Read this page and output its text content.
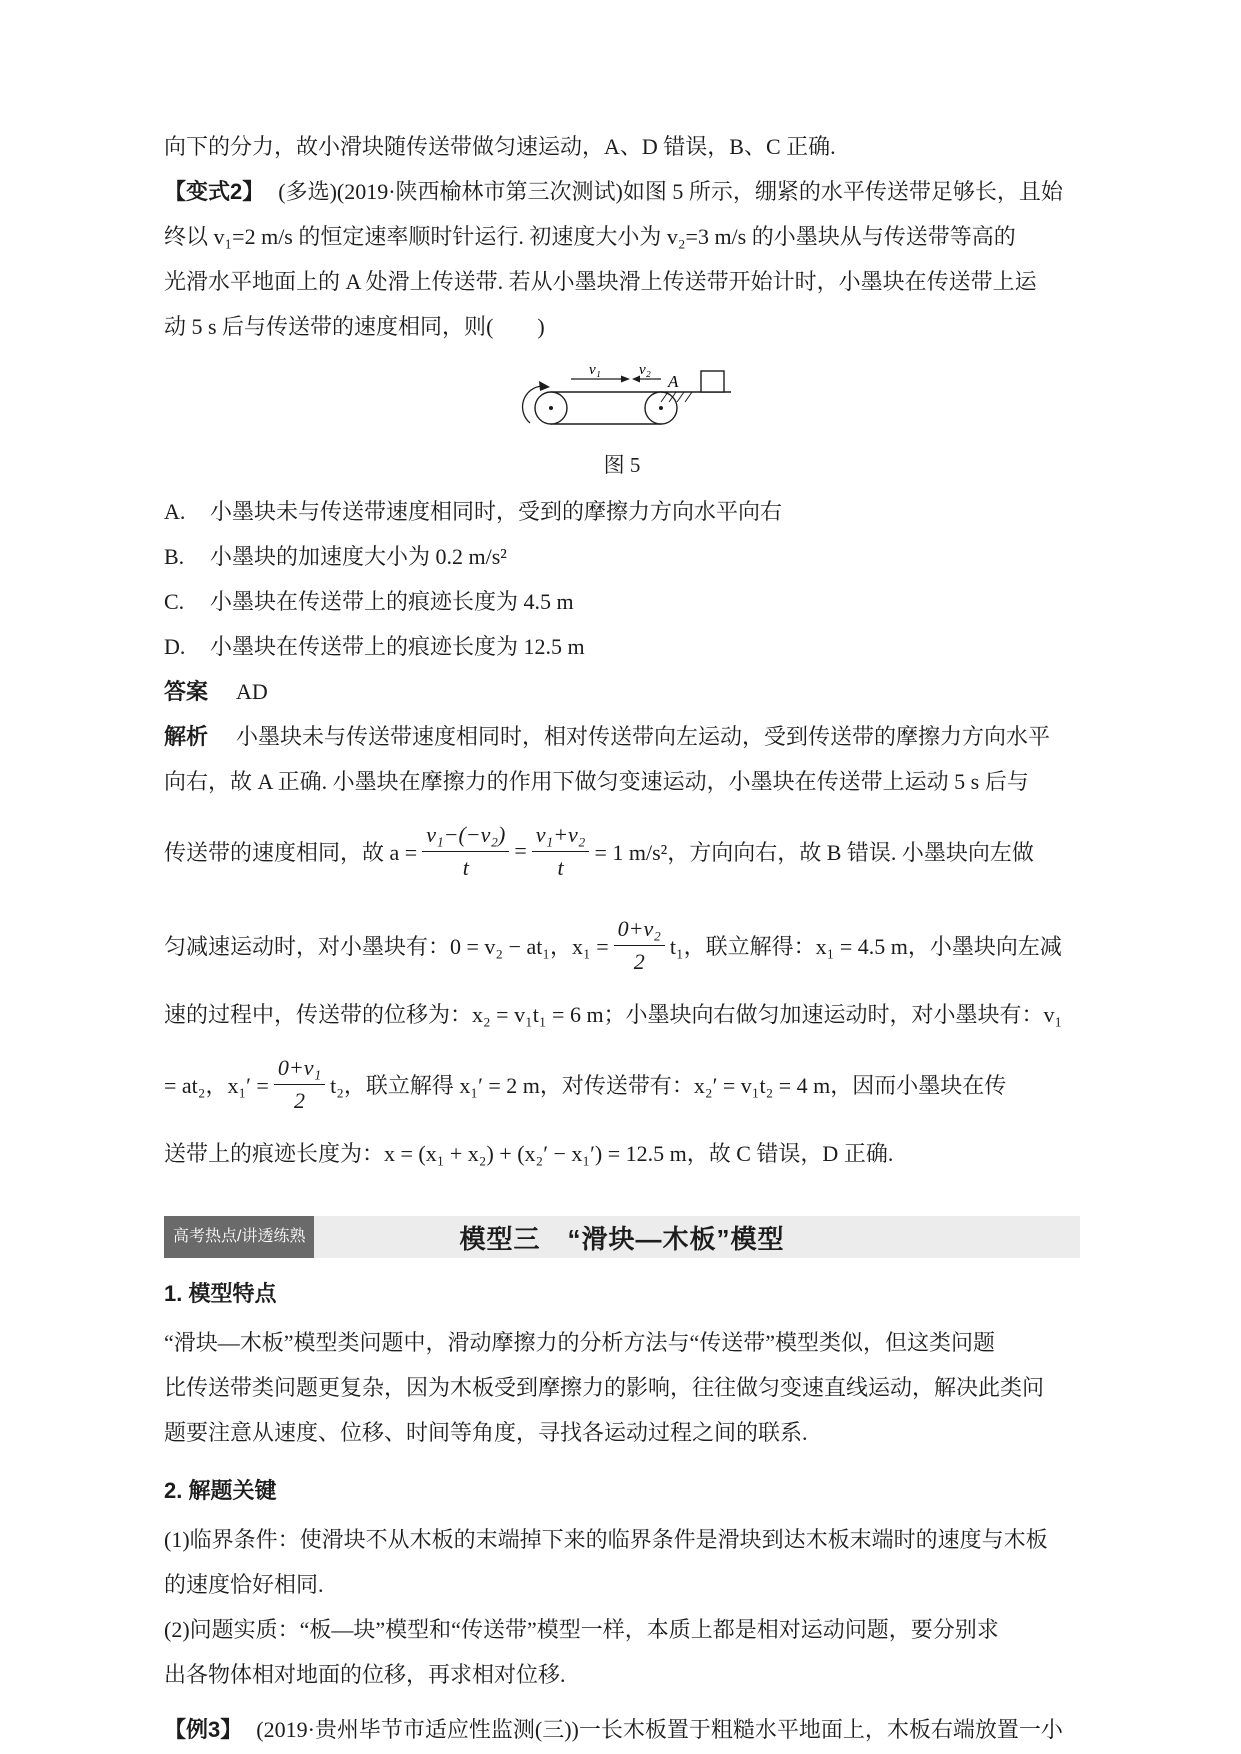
向下的分力，故小滑块随传送带做匀速运动，A、D 错误，B、C 正确.
【变式2】 (多选)(2019·陕西榆林市第三次测试)如图 5 所示，绷紧的水平传送带足够长，且始
终以 v₁=2 m/s 的恒定速率顺时针运行. 初速度大小为 v₂=3 m/s 的小墨块从与传送带等高的
光滑水平地面上的 A 处滑上传送带. 若从小墨块滑上传送带开始计时，小墨块在传送带上运
动 5 s 后与传送带的速度相同，则(　　)
v₁	v₂
A
图 5
A. 小墨块未与传送带速度相同时，受到的摩擦力方向水平向右
B. 小墨块的加速度大小为 0.2 m/s²
C. 小墨块在传送带上的痕迹长度为 4.5 m
D. 小墨块在传送带上的痕迹长度为 12.5 m
答案 AD
解析 小墨块未与传送带速度相同时，相对传送带向左运动，受到传送带的摩擦力方向水平
向右，故 A 正确. 小墨块在摩擦力的作用下做匀变速运动，小墨块在传送带上运动 5 s 后与
传送带的速度相同，故 $a = \frac{\text{v₁−(−v₂)}}{t} = \frac{\text{v₁+v₂}}{t} = 1$ m/s²，方向向右，故 B 错误. 小墨块向左做
匀减速运动时，对小墨块有：0 = v₂ − at₁，$x_1 = \frac{\text{0+v₂}}{2} t_1$，联立解得：x₁ = 4.5 m，小墨块向左减
速的过程中，传送带的位移为：x₂ = v₁t₁ = 6 m；小墨块向右做匀加速运动时，对小墨块有：v₁
= at₂，$x_1' = \frac{\text{0+v₁}}{2} t_2$，联立解得 x₁′ = 2 m，对传送带有：x₂′ = v₁t₂ = 4 m，因而小墨块在传
送带上的痕迹长度为：x = (x₁ + x₂) + (x₂′ − x₁′) = 12.5 m，故 C 错误，D 正确.
模型三　“滑块—木板”模型
高考热点/讲透练熟
1. 模型特点
“滑块—木板”模型类问题中，滑动摩擦力的分析方法与“传送带”模型类似，但这类问题
比传送带类问题更复杂，因为木板受到摩擦力的影响，往往做匀变速直线运动，解决此类问
题要注意从速度、位移、时间等角度，寻找各运动过程之间的联系.
2. 解题关键
(1)临界条件：使滑块不从木板的末端掉下来的临界条件是滑块到达木板末端时的速度与木板
的速度恰好相同.
(2)问题实质：“板—块”模型和“传送带”模型一样，本质上都是相对运动问题，要分别求
出各物体相对地面的位移，再求相对位移.
【例3】 (2019·贵州毕节市适应性监测(三))一长木板置于粗糙水平地面上，木板右端放置一小
